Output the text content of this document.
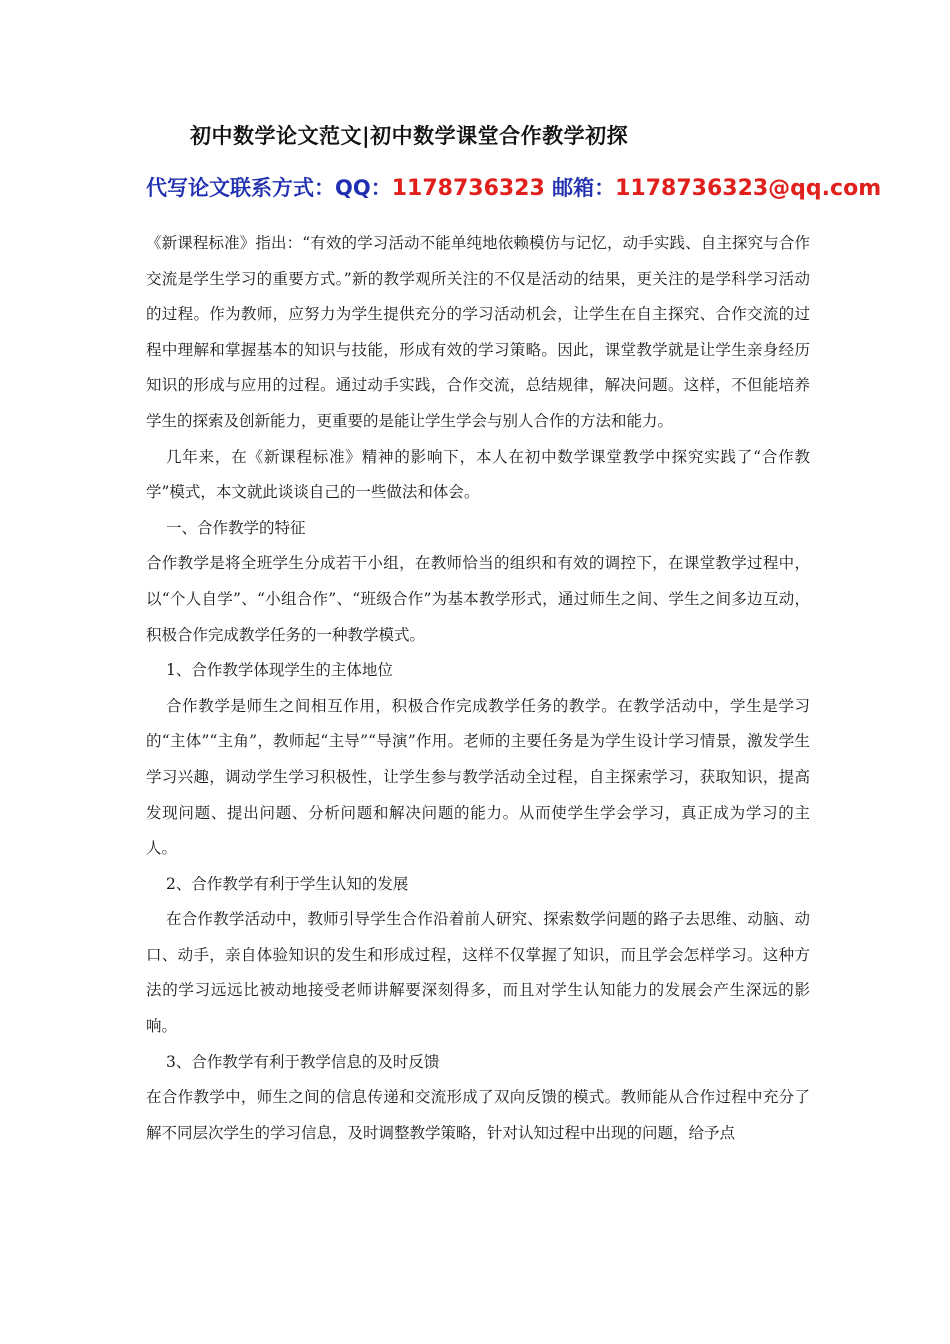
初中数学论文范文|初中数学课堂合作教学初探
代写论文联系方式：QQ：1178736323 邮箱：1178736323@qq.com

《新课程标准》指出：“有效的学习活动不能单纯地依赖模仿与记忆，动手实践、自主探究与合作交流是学生学习的重要方式。”新的教学观所关注的不仅是活动的结果，更关注的是学科学习活动的过程。作为教师，应努力为学生提供充分的学习活动机会，让学生在自主探究、合作交流的过程中理解和掌握基本的知识与技能，形成有效的学习策略。因此，课堂教学就是让学生亲身经历知识的形成与应用的过程。通过动手实践，合作交流，总结规律，解决问题。这样，不但能培养学生的探索及创新能力，更重要的是能让学生学会与别人合作的方法和能力。

几年来，在《新课程标准》精神的影响下，本人在初中数学课堂教学中探究实践了“合作教学”模式，本文就此谈谈自己的一些做法和体会。

一、合作教学的特征

合作教学是将全班学生分成若干小组，在教师恰当的组织和有效的调控下，在课堂教学过程中，以“个人自学”、“小组合作”、“班级合作”为基本教学形式，通过师生之间、学生之间多边互动，积极合作完成教学任务的一种教学模式。

1、合作教学体现学生的主体地位

合作教学是师生之间相互作用，积极合作完成教学任务的教学。在教学活动中，学生是学习的“主体”“主角”，教师起“主导”“导演”作用。老师的主要任务是为学生设计学习情景，激发学生学习兴趣，调动学生学习积极性，让学生参与教学活动全过程，自主探索学习，获取知识，提高发现问题、提出问题、分析问题和解决问题的能力。从而使学生学会学习，真正成为学习的主人。

2、合作教学有利于学生认知的发展

在合作教学活动中，教师引导学生合作沿着前人研究、探索数学问题的路子去思维、动脑、动口、动手，亲自体验知识的发生和形成过程，这样不仅掌握了知识，而且学会怎样学习。这种方法的学习远远比被动地接受老师讲解要深刻得多，而且对学生认知能力的发展会产生深远的影响。

3、合作教学有利于教学信息的及时反馈

在合作教学中，师生之间的信息传递和交流形成了双向反馈的模式。教师能从合作过程中充分了解不同层次学生的学习信息，及时调整教学策略，针对认知过程中出现的问题，给予点
